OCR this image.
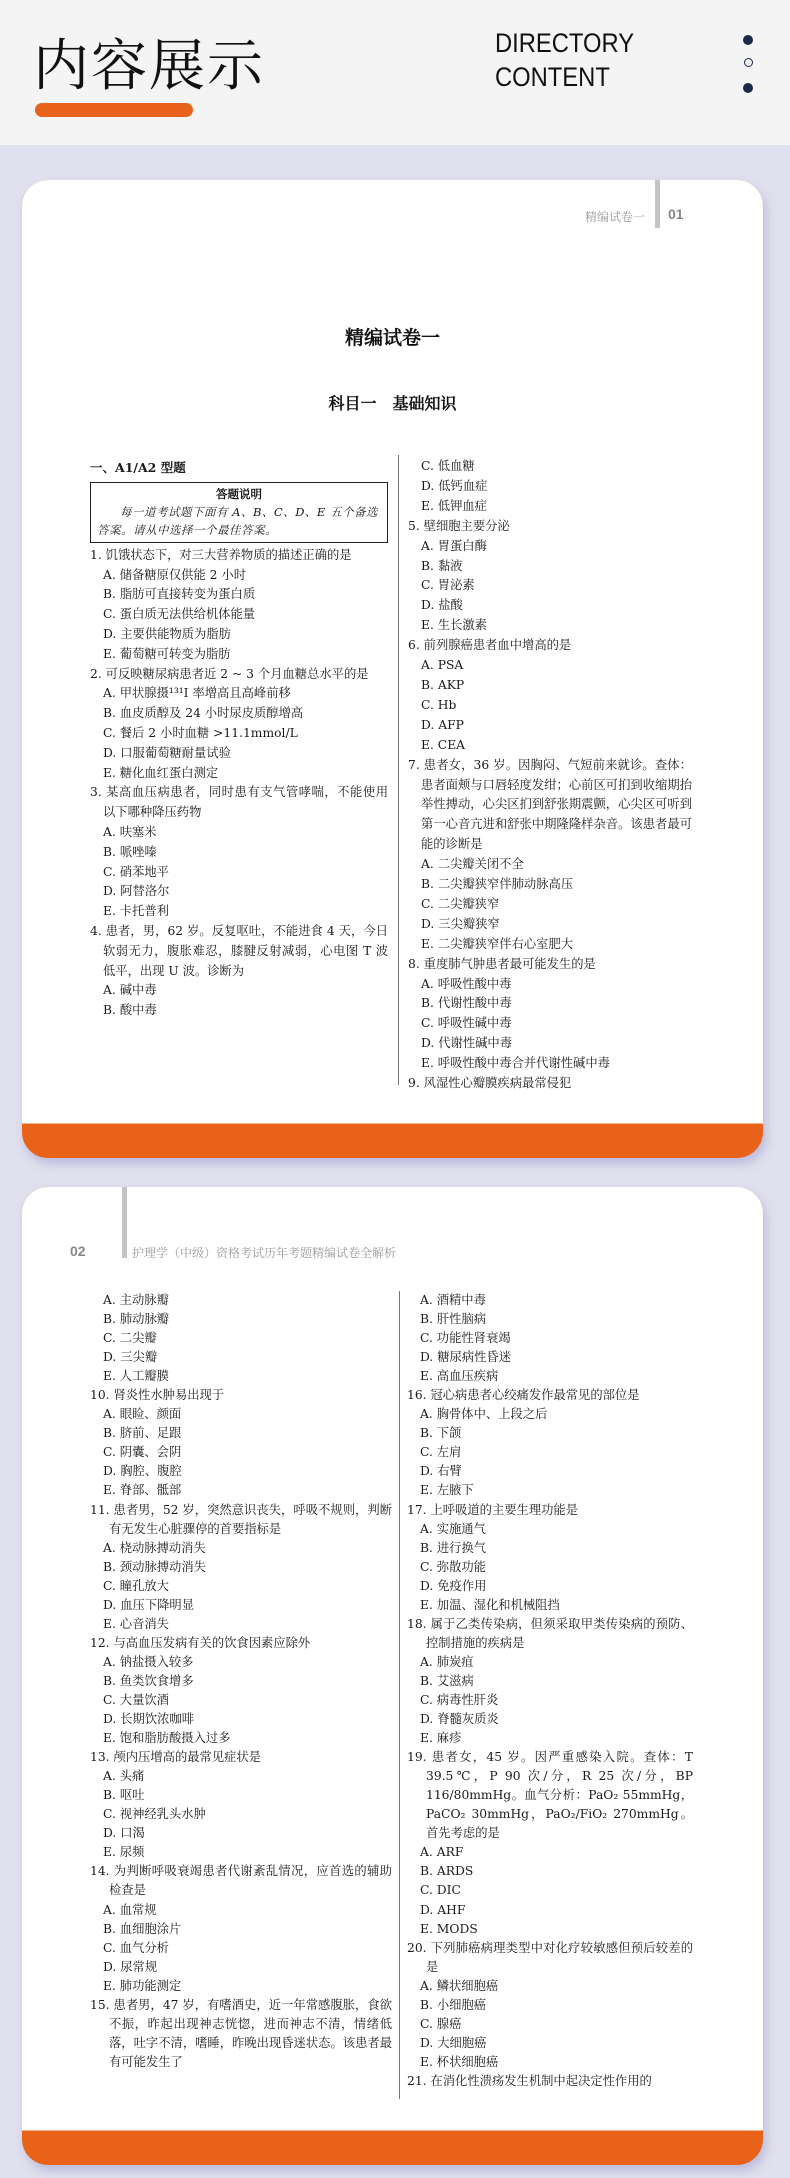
内容展示	DIRECTORY
CONTENT
精编试卷一 01
精编试卷一
科目一　基础知识
一、A1/A2 型题
答题说明
每一道考试题下面有 A、B、C、D、E 五个备选答案。请从中选择一个最佳答案。
1. 饥饿状态下，对三大营养物质的描述正确的是
A. 储备糖原仅供能 2 小时
B. 脂肪可直接转变为蛋白质
C. 蛋白质无法供给机体能量
D. 主要供能物质为脂肪
E. 葡萄糖可转变为脂肪
2. 可反映糖尿病患者近 2 ~ 3 个月血糖总水平的是
A. 甲状腺摄¹³¹I 率增高且高峰前移
B. 血皮质醇及 24 小时尿皮质醇增高
C. 餐后 2 小时血糖 >11.1mmol/L
D. 口服葡萄糖耐量试验
E. 糖化血红蛋白测定
3. 某高血压病患者，同时患有支气管哮喘，不能使用以下哪种降压药物
A. 呋塞米
B. 哌唑嗪
C. 硝苯地平
D. 阿替洛尔
E. 卡托普利
4. 患者，男，62 岁。反复呕吐，不能进食 4 天，今日软弱无力，腹胀难忍，膝腱反射减弱，心电图 T 波低平，出现 U 波。诊断为
A. 碱中毒
B. 酸中毒
C. 低血糖
D. 低钙血症
E. 低钾血症
5. 壁细胞主要分泌
A. 胃蛋白酶
B. 黏液
C. 胃泌素
D. 盐酸
E. 生长激素
6. 前列腺癌患者血中增高的是
A. PSA
B. AKP
C. Hb
D. AFP
E. CEA
7. 患者女，36 岁。因胸闷、气短前来就诊。查体：患者面颊与口唇轻度发绀；心前区可扪到收缩期抬举性搏动，心尖区扪到舒张期震颤，心尖区可听到第一心音亢进和舒张中期隆隆样杂音。该患者最可能的诊断是
A. 二尖瓣关闭不全
B. 二尖瓣狭窄伴肺动脉高压
C. 二尖瓣狭窄
D. 三尖瓣狭窄
E. 二尖瓣狭窄伴右心室肥大
8. 重度肺气肿患者最可能发生的是
A. 呼吸性酸中毒
B. 代谢性酸中毒
C. 呼吸性碱中毒
D. 代谢性碱中毒
E. 呼吸性酸中毒合并代谢性碱中毒
9. 风湿性心瓣膜疾病最常侵犯
02	护理学（中级）资格考试历年考题精编试卷全解析
A. 主动脉瓣
B. 肺动脉瓣
C. 二尖瓣
D. 三尖瓣
E. 人工瓣膜
10. 肾炎性水肿易出现于
A. 眼睑、颜面
B. 脐前、足跟
C. 阴囊、会阴
D. 胸腔、腹腔
E. 脊部、骶部
11. 患者男，52 岁，突然意识丧失，呼吸不规则，判断有无发生心脏骤停的首要指标是
A. 桡动脉搏动消失
B. 颈动脉搏动消失
C. 瞳孔放大
D. 血压下降明显
E. 心音消失
12. 与高血压发病有关的饮食因素应除外
A. 钠盐摄入较多
B. 鱼类饮食增多
C. 大量饮酒
D. 长期饮浓咖啡
E. 饱和脂肪酸摄入过多
13. 颅内压增高的最常见症状是
A. 头痛
B. 呕吐
C. 视神经乳头水肿
D. 口渴
E. 尿频
14. 为判断呼吸衰竭患者代谢紊乱情况，应首选的辅助检查是
A. 血常规
B. 血细胞涂片
C. 血气分析
D. 尿常规
E. 肺功能测定
15. 患者男，47 岁，有嗜酒史，近一年常感腹胀，食欲不振，昨起出现神志恍惚，进而神志不清，情绪低落，吐字不清，嗜睡，昨晚出现昏迷状态。该患者最有可能发生了
A. 酒精中毒
B. 肝性脑病
C. 功能性肾衰竭
D. 糖尿病性昏迷
E. 高血压疾病
16. 冠心病患者心绞痛发作最常见的部位是
A. 胸骨体中、上段之后
B. 下颌
C. 左肩
D. 右臂
E. 左腋下
17. 上呼吸道的主要生理功能是
A. 实施通气
B. 进行换气
C. 弥散功能
D. 免疫作用
E. 加温、湿化和机械阻挡
18. 属于乙类传染病，但须采取甲类传染病的预防、控制措施的疾病是
A. 肺炭疽
B. 艾滋病
C. 病毒性肝炎
D. 脊髓灰质炎
E. 麻疹
19. 患者女，45 岁。因严重感染入院。查体：T 39.5℃，P 90 次/分，R 25 次/分，BP 116/80mmHg。血气分析：PaO₂ 55mmHg，PaCO₂ 30mmHg，PaO₂/FiO₂ 270mmHg。首先考虑的是
A. ARF
B. ARDS
C. DIC
D. AHF
E. MODS
20. 下列肺癌病理类型中对化疗较敏感但预后较差的是
A. 鳞状细胞癌
B. 小细胞癌
C. 腺癌
D. 大细胞癌
E. 杯状细胞癌
21. 在消化性溃疡发生机制中起决定性作用的
